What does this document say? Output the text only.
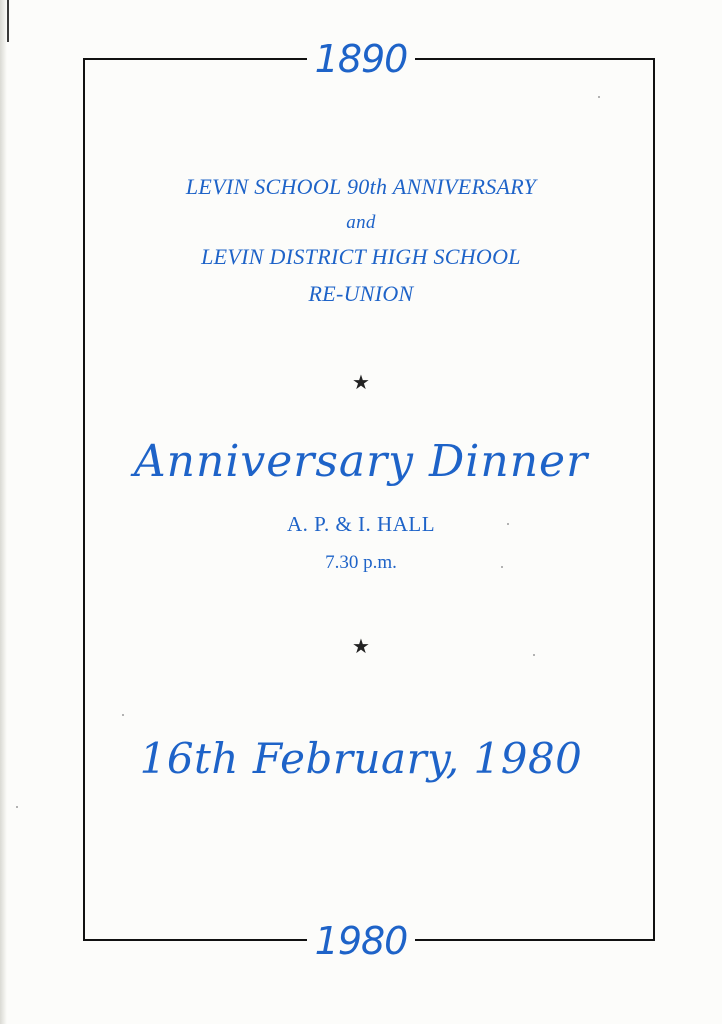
1890
LEVIN SCHOOL 90th ANNIVERSARY
and
LEVIN DISTRICT HIGH SCHOOL
RE-UNION
★
Anniversary Dinner
A. P. & I. HALL
7.30 p.m.
★
16th February, 1980
1980
